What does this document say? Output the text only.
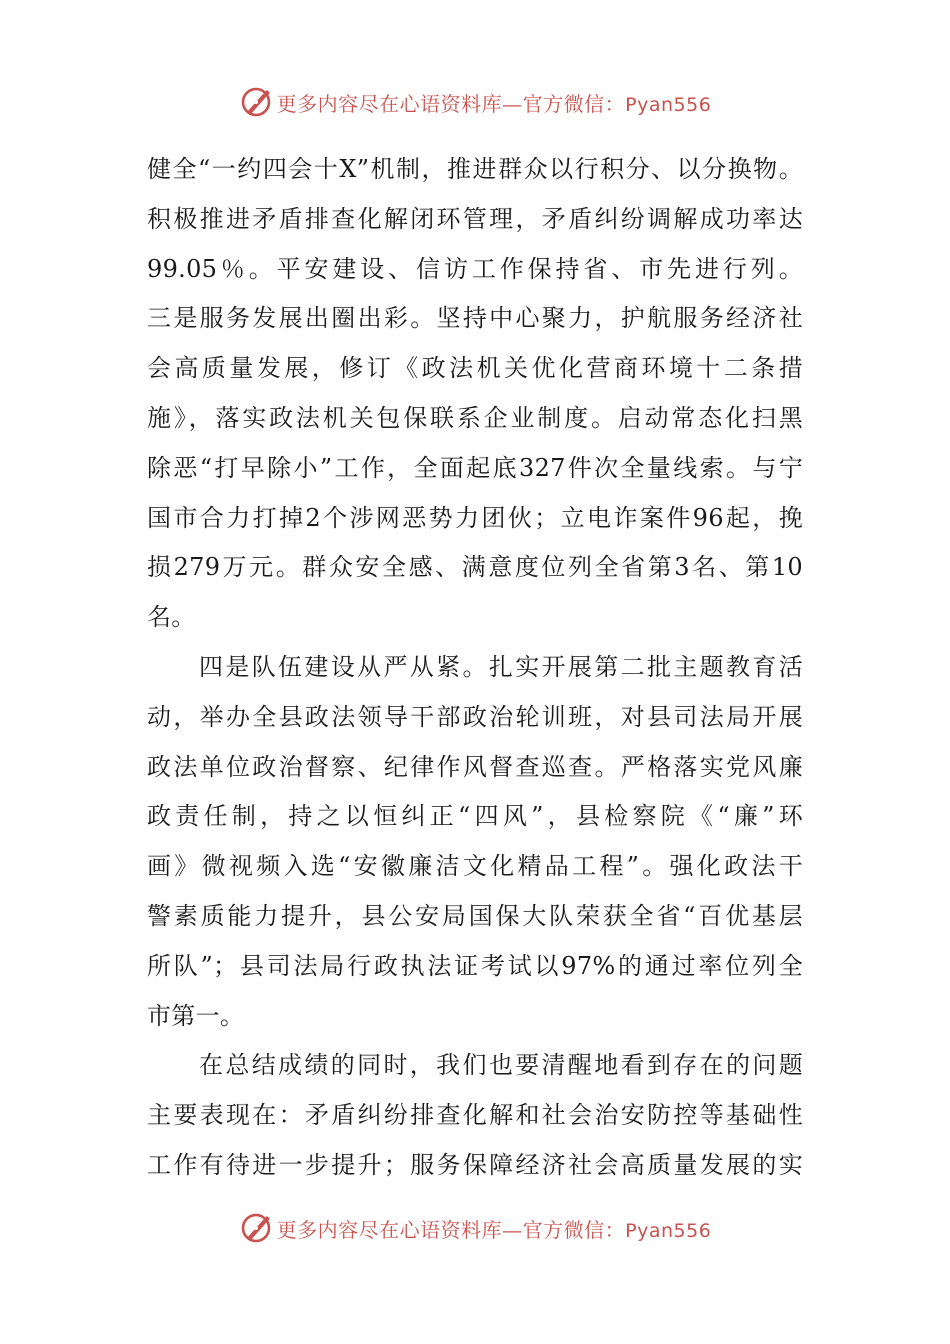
更多内容尽在心语资料库—官方微信：Pyan556
健全“一约四会十X”机制，推进群众以行积分、以分换物。
积极推进矛盾排查化解闭环管理，矛盾纠纷调解成功率达
99.05％。平安建设、信访工作保持省、市先进行列。
三是服务发展出圈出彩。坚持中心聚力，护航服务经济社
会高质量发展，修订《政法机关优化营商环境十二条措
施》，落实政法机关包保联系企业制度。启动常态化扫黑
除恶“打早除小”工作，全面起底327件次全量线索。与宁
国市合力打掉2个涉网恶势力团伙；立电诈案件96起，挽
损279万元。群众安全感、满意度位列全省第3名、第10
名。
四是队伍建设从严从紧。扎实开展第二批主题教育活
动，举办全县政法领导干部政治轮训班，对县司法局开展
政法单位政治督察、纪律作风督查巡查。严格落实党风廉
政责任制，持之以恒纠正“四风”，县检察院《“廉”环
画》微视频入选“安徽廉洁文化精品工程”。强化政法干
警素质能力提升，县公安局国保大队荣获全省“百优基层
所队”；县司法局行政执法证考试以97%的通过率位列全
市第一。
在总结成绩的同时，我们也要清醒地看到存在的问题
主要表现在：矛盾纠纷排查化解和社会治安防控等基础性
工作有待进一步提升；服务保障经济社会高质量发展的实
更多内容尽在心语资料库—官方微信：Pyan556
